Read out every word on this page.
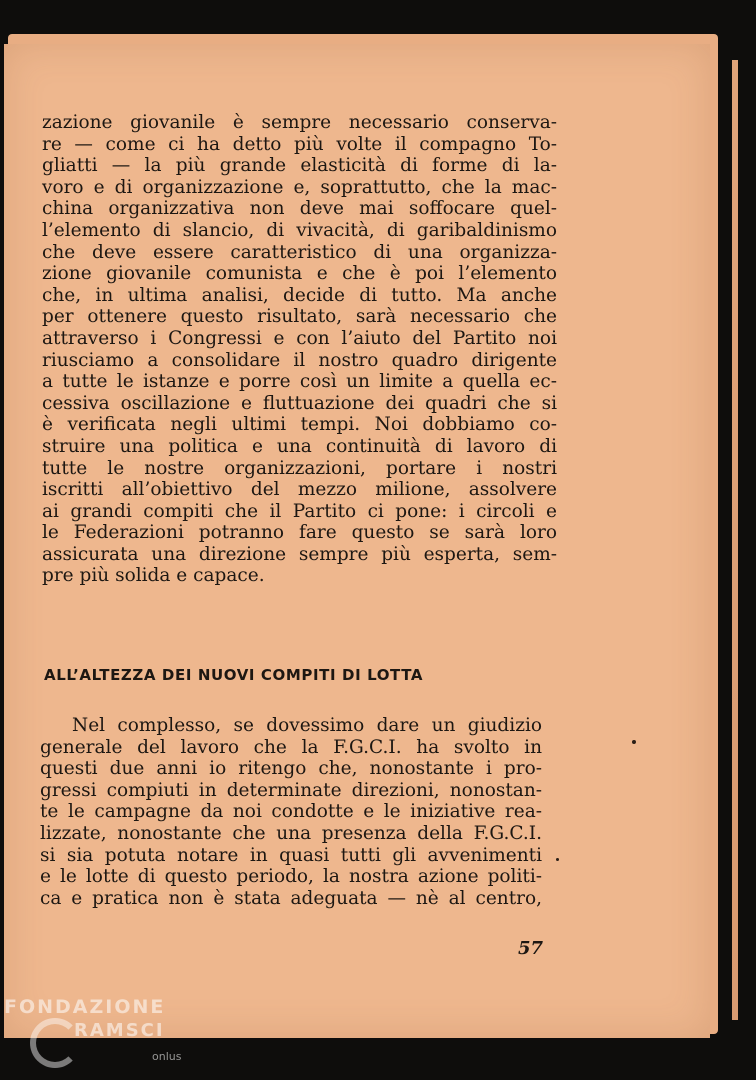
zazione giovanile è sempre necessario conserva-
re — come ci ha detto più volte il compagno To-
gliatti — la più grande elasticità di forme di la-
voro e di organizzazione e, soprattutto, che la mac-
china organizzativa non deve mai soffocare quel-
l’elemento di slancio, di vivacità, di garibaldinismo
che deve essere caratteristico di una organizza-
zione giovanile comunista e che è poi l’elemento
che, in ultima analisi, decide di tutto. Ma anche
per ottenere questo risultato, sarà necessario che
attraverso i Congressi e con l’aiuto del Partito noi
riusciamo a consolidare il nostro quadro dirigente
a tutte le istanze e porre così un limite a quella ec-
cessiva oscillazione e fluttuazione dei quadri che si
è verificata negli ultimi tempi. Noi dobbiamo co-
struire una politica e una continuità di lavoro di
tutte le nostre organizzazioni, portare i nostri
iscritti all’obiettivo del mezzo milione, assolvere
ai grandi compiti che il Partito ci pone: i circoli e
le Federazioni potranno fare questo se sarà loro
assicurata una direzione sempre più esperta, sem-
pre più solida e capace.
ALL’ALTEZZA DEI NUOVI COMPITI DI LOTTA
Nel complesso, se dovessimo dare un giudizio
generale del lavoro che la F.G.C.I. ha svolto in
questi due anni io ritengo che, nonostante i pro-
gressi compiuti in determinate direzioni, nonostan-
te le campagne da noi condotte e le iniziative rea-
lizzate, nonostante che una presenza della F.G.C.I.
si sia potuta notare in quasi tutti gli avvenimenti
e le lotte di questo periodo, la nostra azione politi-
ca e pratica non è stata adeguata — nè al centro,
57
FONDAZIONE
RAMSCI
onlus
